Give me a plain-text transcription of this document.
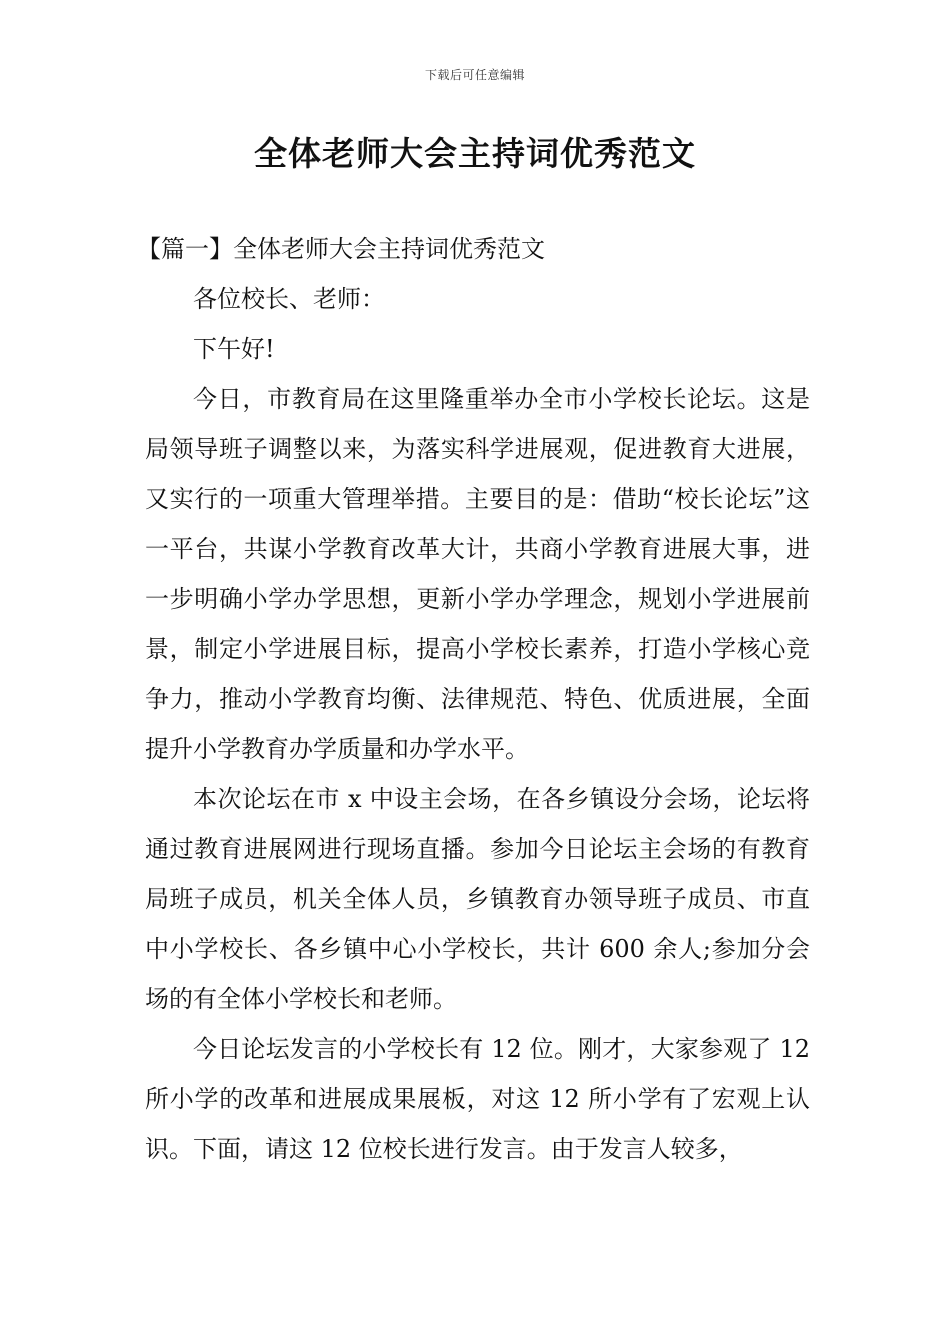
下载后可任意编辑
全体老师大会主持词优秀范文

【篇一】全体老师大会主持词优秀范文

各位校长、老师：

下午好!

今日，市教育局在这里隆重举办全市小学校长论坛。这是局领导班子调整以来，为落实科学进展观，促进教育大进展，又实行的一项重大管理举措。主要目的是：借助“校长论坛”这一平台，共谋小学教育改革大计，共商小学教育进展大事，进一步明确小学办学思想，更新小学办学理念，规划小学进展前景，制定小学进展目标，提高小学校长素养，打造小学核心竞争力，推动小学教育均衡、法律规范、特色、优质进展，全面提升小学教育办学质量和办学水平。

本次论坛在市 x 中设主会场，在各乡镇设分会场，论坛将通过教育进展网进行现场直播。参加今日论坛主会场的有教育局班子成员，机关全体人员，乡镇教育办领导班子成员、市直中小学校长、各乡镇中心小学校长，共计 600 余人;参加分会场的有全体小学校长和老师。

今日论坛发言的小学校长有 12 位。刚才，大家参观了 12 所小学的改革和进展成果展板，对这 12 所小学有了宏观上认识。下面，请这 12 位校长进行发言。由于发言人较多，
